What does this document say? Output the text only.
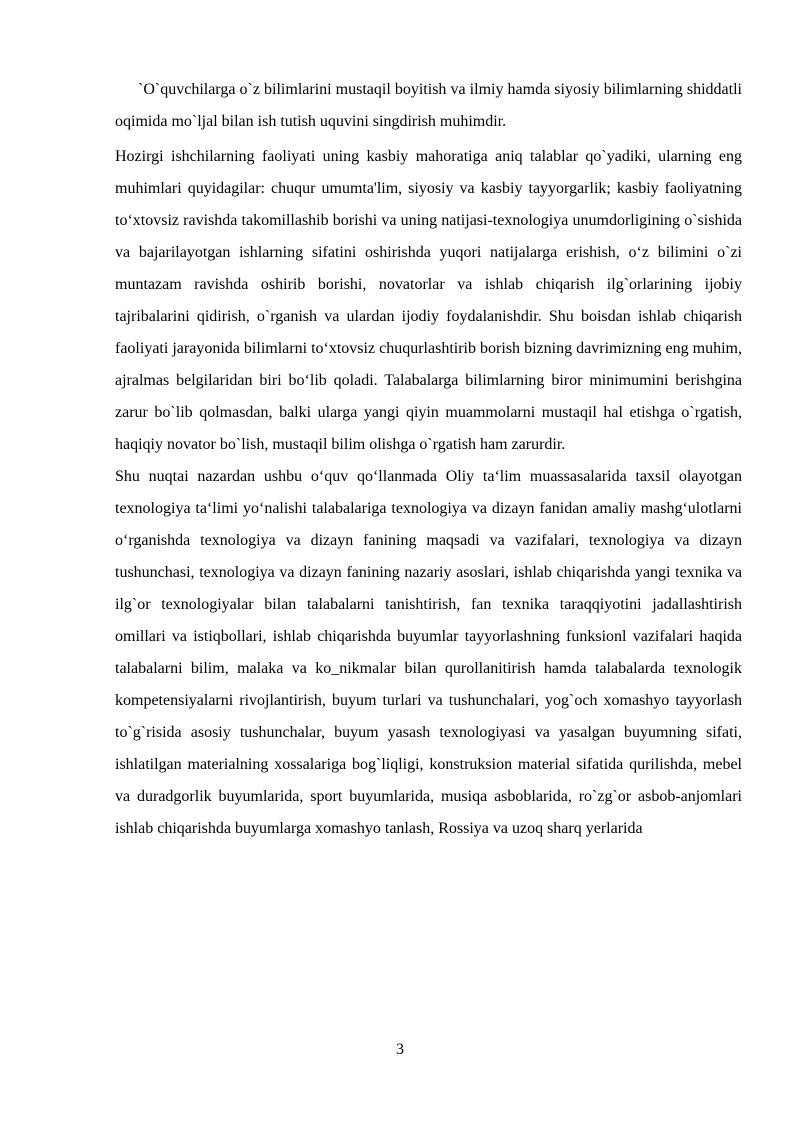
`O`quvchilarga o`z bilimlarini mustaqil boyitish va ilmiy hamda siyosiy bilimlarning shiddatli oqimida mo`ljal bilan ish tutish uquvini singdirish muhimdir.

Hozirgi ishchilarning faoliyati uning kasbiy mahoratiga aniq talablar qo`yadiki, ularning eng muhimlari quyidagilar: chuqur umumta'lim, siyosiy va kasbiy tayyorgarlik; kasbiy faoliyatning to‘xtovsiz ravishda takomillashib borishi va uning natijasi-texnologiya unumdorligining o`sishida va bajarilayotgan ishlarning sifatini oshirishda yuqori natijalarga erishish, o‘z bilimini o`zi muntazam ravishda oshirib borishi, novatorlar va ishlab chiqarish ilg`orlarining ijobiy tajribalarini qidirish, o`rganish va ulardan ijodiy foydalanishdir. Shu boisdan ishlab chiqarish faoliyati jarayonida bilimlarni to‘xtovsiz chuqurlashtirib borish bizning davrimizning eng muhim, ajralmas belgilaridan biri bo‘lib qoladi. Talabalarga bilimlarning biror minimumini berishgina zarur bo`lib qolmasdan, balki ularga yangi qiyin muammolarni mustaqil hal etishga o`rgatish, haqiqiy novator bo`lish, mustaqil bilim olishga o`rgatish ham zarurdir.

Shu nuqtai nazardan ushbu o‘quv qo‘llanmada Oliy ta‘lim muassasalarida taxsil olayotgan texnologiya ta‘limi yo‘nalishi talabalariga texnologiya va dizayn fanidan amaliy mashg‘ulotlarni o‘rganishda texnologiya va dizayn fanining maqsadi va vazifalari, texnologiya va dizayn tushunchasi, texnologiya va dizayn fanining nazariy asoslari, ishlab chiqarishda yangi texnika va ilg`or texnologiyalar bilan talabalarni tanishtirish, fan texnika taraqqiyotini jadallashtirish omillari va istiqbollari, ishlab chiqarishda buyumlar tayyorlashning funksionl vazifalari haqida talabalarni bilim, malaka va ko_nikmalar bilan qurollanitirish hamda talabalarda texnologik kompetensiyalarni rivojlantirish, buyum turlari va tushunchalari, yog`och xomashyo tayyorlash to`g`risida asosiy tushunchalar, buyum yasash texnologiyasi va yasalgan buyumning sifati, ishlatilgan materialning xossalariga bog`liqligi, konstruksion material sifatida qurilishda, mebel va duradgorlik buyumlarida, sport buyumlarida, musiqa asboblarida, ro`zg`or asbob-anjomlari ishlab chiqarishda buyumlarga xomashyo tanlash, Rossiya va uzoq sharq yerlarida

3
